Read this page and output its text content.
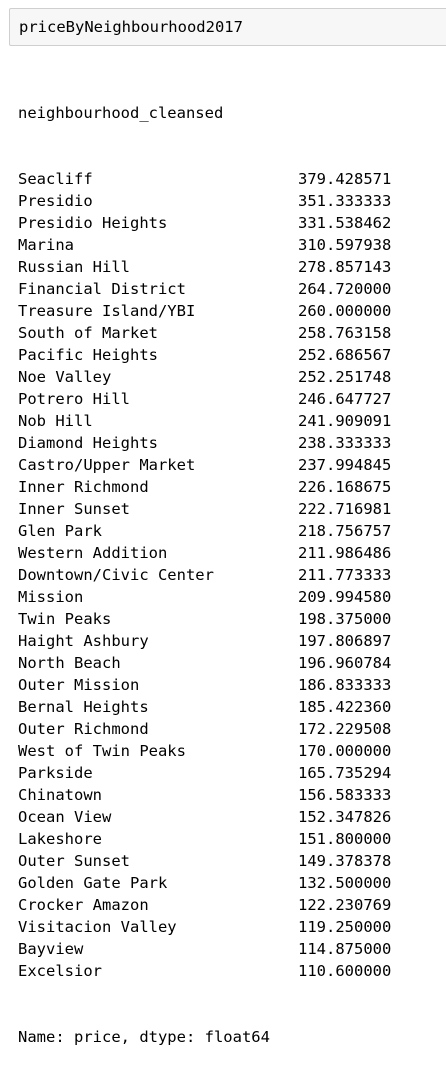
priceByNeighbourhood2017

neighbourhood_cleansed

Seacliff	379.428571
Presidio	351.333333
Presidio Heights	331.538462
Marina	310.597938
Russian Hill	278.857143
Financial District	264.720000
Treasure Island/YBI	260.000000
South of Market	258.763158
Pacific Heights	252.686567
Noe Valley	252.251748
Potrero Hill	246.647727
Nob Hill	241.909091
Diamond Heights	238.333333
Castro/Upper Market	237.994845
Inner Richmond	226.168675
Inner Sunset	222.716981
Glen Park	218.756757
Western Addition	211.986486
Downtown/Civic Center	211.773333
Mission	209.994580
Twin Peaks	198.375000
Haight Ashbury	197.806897
North Beach	196.960784
Outer Mission	186.833333
Bernal Heights	185.422360
Outer Richmond	172.229508
West of Twin Peaks	170.000000
Parkside	165.735294
Chinatown	156.583333
Ocean View	152.347826
Lakeshore	151.800000
Outer Sunset	149.378378
Golden Gate Park	132.500000
Crocker Amazon	122.230769
Visitacion Valley	119.250000
Bayview	114.875000
Excelsior	110.600000

Name: price, dtype: float64
